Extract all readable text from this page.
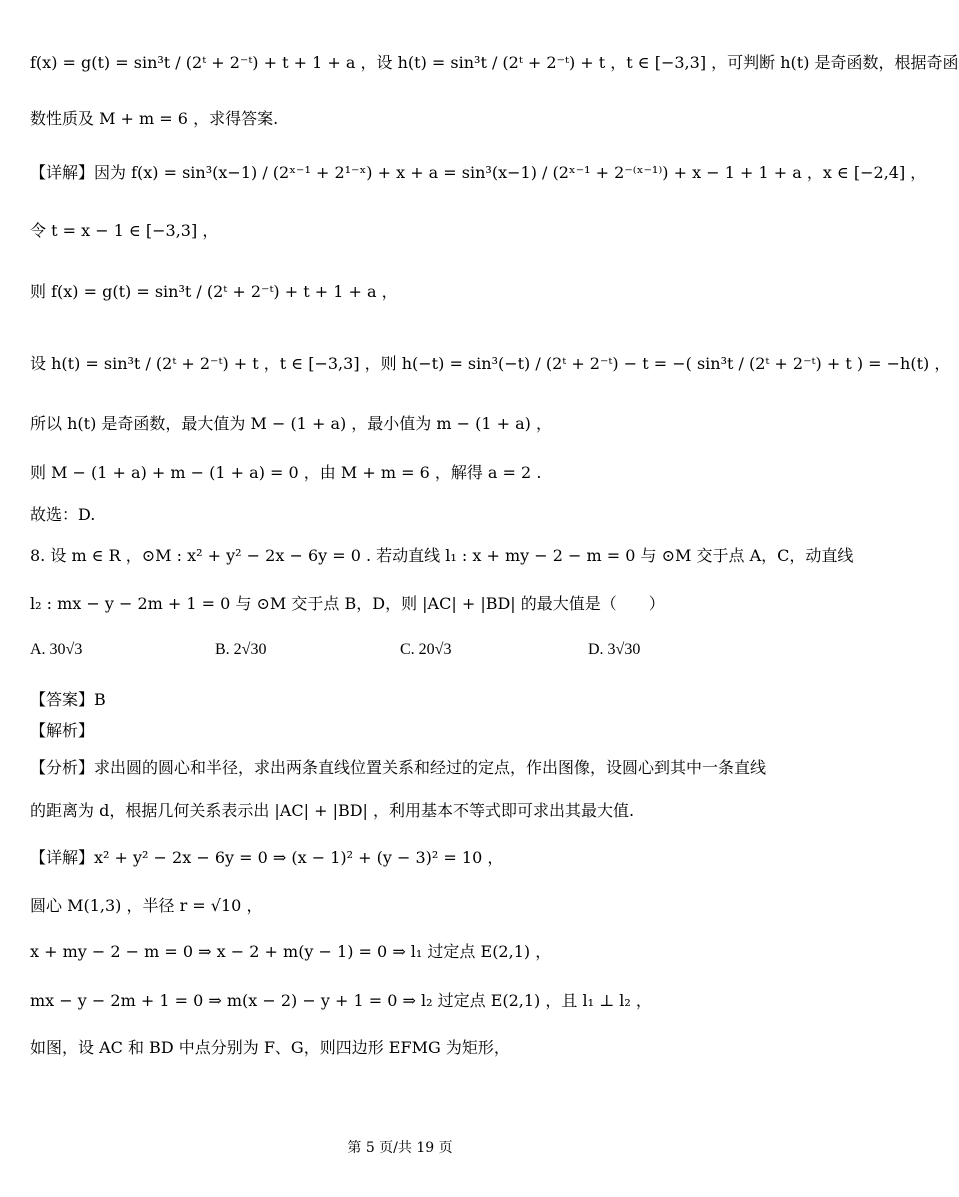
f(x) = g(t) = sin³t / (2ᵗ + 2⁻ᵗ) + t + 1 + a ，设 h(t) = sin³t / (2ᵗ + 2⁻ᵗ) + t ，t ∈ [−3,3] ，可判断 h(t) 是奇函数，根据奇函
数性质及 M + m = 6 ，求得答案.
【详解】因为 f(x) = sin³(x−1) / (2ˣ⁻¹ + 2¹⁻ˣ) + x + a = sin³(x−1) / (2ˣ⁻¹ + 2⁻⁽ˣ⁻¹⁾) + x − 1 + 1 + a ，x ∈ [−2,4] ，
令 t = x − 1 ∈ [−3,3] ，
则 f(x) = g(t) = sin³t / (2ᵗ + 2⁻ᵗ) + t + 1 + a ，
设 h(t) = sin³t / (2ᵗ + 2⁻ᵗ) + t ，t ∈ [−3,3] ，则 h(−t) = sin³(−t) / (2ᵗ + 2⁻ᵗ) − t = −( sin³t / (2ᵗ + 2⁻ᵗ) + t ) = −h(t) ，
所以 h(t) 是奇函数，最大值为 M − (1 + a) ，最小值为 m − (1 + a) ，
则 M − (1 + a) + m − (1 + a) = 0 ，由 M + m = 6 ，解得 a = 2 .
故选：D.
8. 设 m ∈ R ，⊙M : x² + y² − 2x − 6y = 0 . 若动直线 l₁ : x + my − 2 − m = 0 与 ⊙M 交于点 A，C，动直线
l₂ : mx − y − 2m + 1 = 0 与 ⊙M 交于点 B，D，则 |AC| + |BD| 的最大值是（　　）
【答案】B
【解析】
【分析】求出圆的圆心和半径，求出两条直线位置关系和经过的定点，作出图像，设圆心到其中一条直线
的距离为 d，根据几何关系表示出 |AC| + |BD| ，利用基本不等式即可求出其最大值.
【详解】x² + y² − 2x − 6y = 0 ⇒ (x − 1)² + (y − 3)² = 10 ，
圆心 M(1,3) ，半径 r = √10 ，
x + my − 2 − m = 0 ⇒ x − 2 + m(y − 1) = 0 ⇒ l₁ 过定点 E(2,1) ，
mx − y − 2m + 1 = 0 ⇒ m(x − 2) − y + 1 = 0 ⇒ l₂ 过定点 E(2,1) ，且 l₁ ⊥ l₂ ，
如图，设 AC 和 BD 中点分别为 F、G，则四边形 EFMG 为矩形，
A. 30√3	B. 2√30	C. 20√3	D. 3√30
第 5 页/共 19 页
